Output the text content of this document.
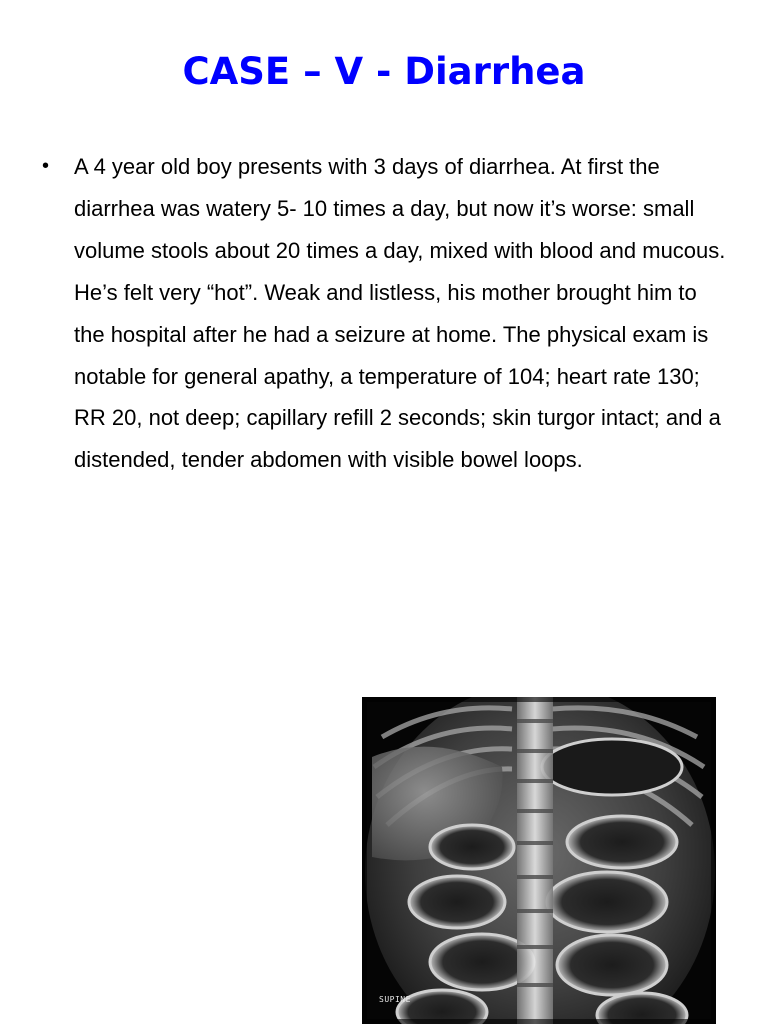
CASE – V - Diarrhea
• A 4 year old boy presents with 3 days of diarrhea. At first the diarrhea was watery 5- 10 times a day, but now it’s worse: small volume stools about 20 times a day, mixed with blood and mucous. He’s felt very “hot”. Weak and listless, his mother brought him to the hospital after he had a seizure at home. The physical exam is notable for general apathy, a temperature of 104; heart rate 130; RR 20, not deep; capillary refill 2 seconds; skin turgor intact; and a distended, tender abdomen with visible bowel loops.
SUPINE
